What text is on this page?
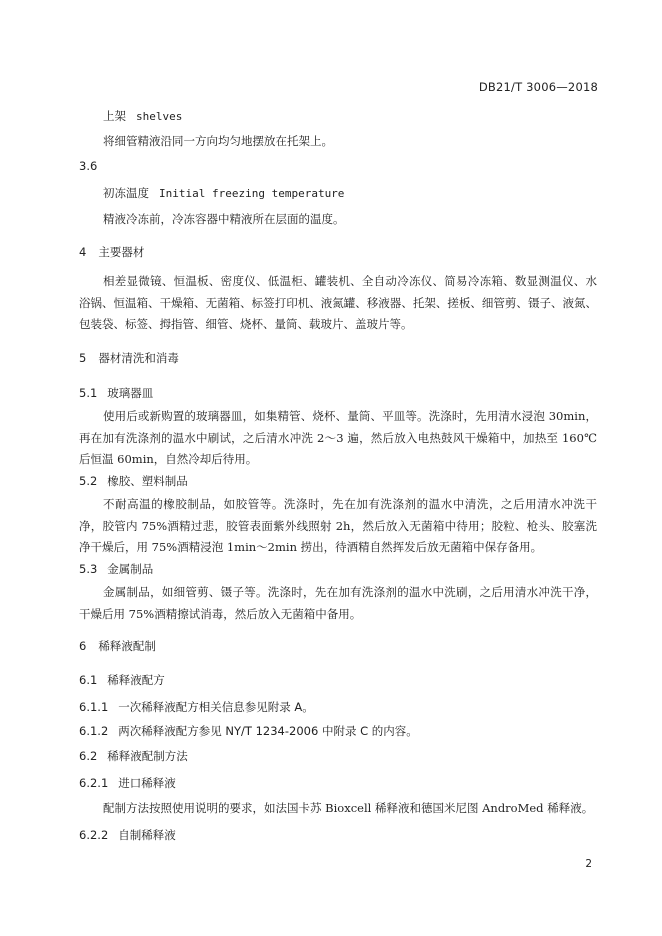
DB21/T 3006—2018
上架 shelves
将细管精液沿同一方向均匀地摆放在托架上。
3.6
初冻温度 Initial freezing temperature
精液冷冻前，冷冻容器中精液所在层面的温度。
4 主要器材
相差显微镜、恒温板、密度仪、低温柜、罐装机、全自动冷冻仪、简易冷冻箱、数显测温仪、水浴锅、恒温箱、干燥箱、无菌箱、标签打印机、液氮罐、移液器、托架、搓板、细管剪、镊子、液氮、包装袋、标签、拇指管、细管、烧杯、量筒、载玻片、盖玻片等。
5 器材清洗和消毒
5.1 玻璃器皿
使用后或新购置的玻璃器皿，如集精管、烧杯、量筒、平皿等。洗涤时，先用清水浸泡 30min，再在加有洗涤剂的温水中刷试，之后清水冲洗 2～3 遍，然后放入电热鼓风干燥箱中，加热至 160℃后恒温 60min，自然冷却后待用。
5.2 橡胶、塑料制品
不耐高温的橡胶制品，如胶管等。洗涤时，先在加有洗涤剂的温水中清洗，之后用清水冲洗干净，胶管内 75%酒精过悲，胶管表面紫外线照射 2h，然后放入无菌箱中待用；胶粒、枪头、胶塞洗净干燥后，用 75%酒精浸泡 1min～2min 捞出，待酒精自然挥发后放无菌箱中保存备用。
5.3 金属制品
金属制品，如细管剪、镊子等。洗涤时，先在加有洗涤剂的温水中洗刷，之后用清水冲洗干净，干燥后用 75%酒精擦试消毒，然后放入无菌箱中备用。
6 稀释液配制
6.1 稀释液配方
6.1.1 一次稀释液配方相关信息参见附录 A。
6.1.2 两次稀释液配方参见 NY/T 1234-2006 中附录 C 的内容。
6.2 稀释液配制方法
6.2.1 进口稀释液
配制方法按照使用说明的要求，如法国卡苏 Bioxcell 稀释液和德国米尼图 AndroMed 稀释液。
6.2.2 自制稀释液
2
